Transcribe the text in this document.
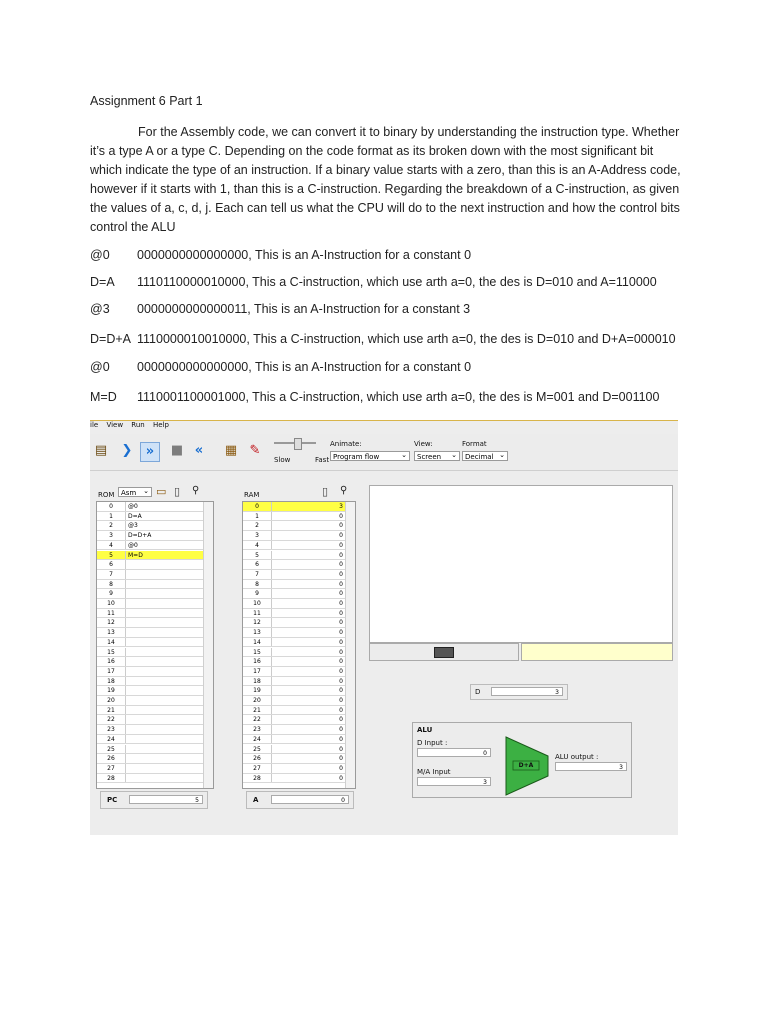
Assignment 6 Part 1
For the Assembly code, we can convert it to binary by understanding the instruction type. Whether it’s a type A or a type C. Depending on the code format as its broken down with the most significant bit which indicate the type of an instruction. If a binary value starts with a zero, than this is an A-Address code, however if it starts with 1, than this is a C-instruction. Regarding the breakdown of a C-instruction, as given the values of a, c, d, j. Each can tell us what the CPU will do to the next instruction and how the control bits control the ALU
@0 0000000000000000, This is an A-Instruction for a constant 0
D=A 1110110000010000, This a C-instruction, which use arth a=0, the des is D=010 and A=110000
@3 0000000000000011, This is an A-Instruction for a constant 3
D=D+A 1110000010010000, This a C-instruction, which use arth a=0, the des is D=010 and D+A=000010
@0 0000000000000000, This is an A-Instruction for a constant 0
M=D 1110001100001000, This a C-instruction, which use arth a=0, the des is M=001 and D=001100
ile View Run Help
▤ ❯	»	■ «	▦ ✎
Slow	Fast
Animate:
Program flow ⌄
View:
Screen ⌄
Format
Decimal ⌄
ROM Asm ⌄	▭ ▯ ⚲
28
27
26
25
24
23
22
21
20
19
18
17
16
15
14
13
12
11
10
9
8
7
6
5	M=D
4	@0
3	D=D+A
2	@3
1	D=A
0	@0
RAM	▯ ⚲
28	0
27	0
26	0
25	0
24	0
23	0
22	0
21	0
20	0
19	0
18	0
17	0
16	0
15	0
14	0
13	0
12	0
11	0
10	0
9	0
8	0
7	0
6	0
5	0
4	0
3	0
2	0
1	0
0	3
PC	5	A	0
D	3
ALU
D Input :
0
M/A Input
3
D+A
ALU output :
3
